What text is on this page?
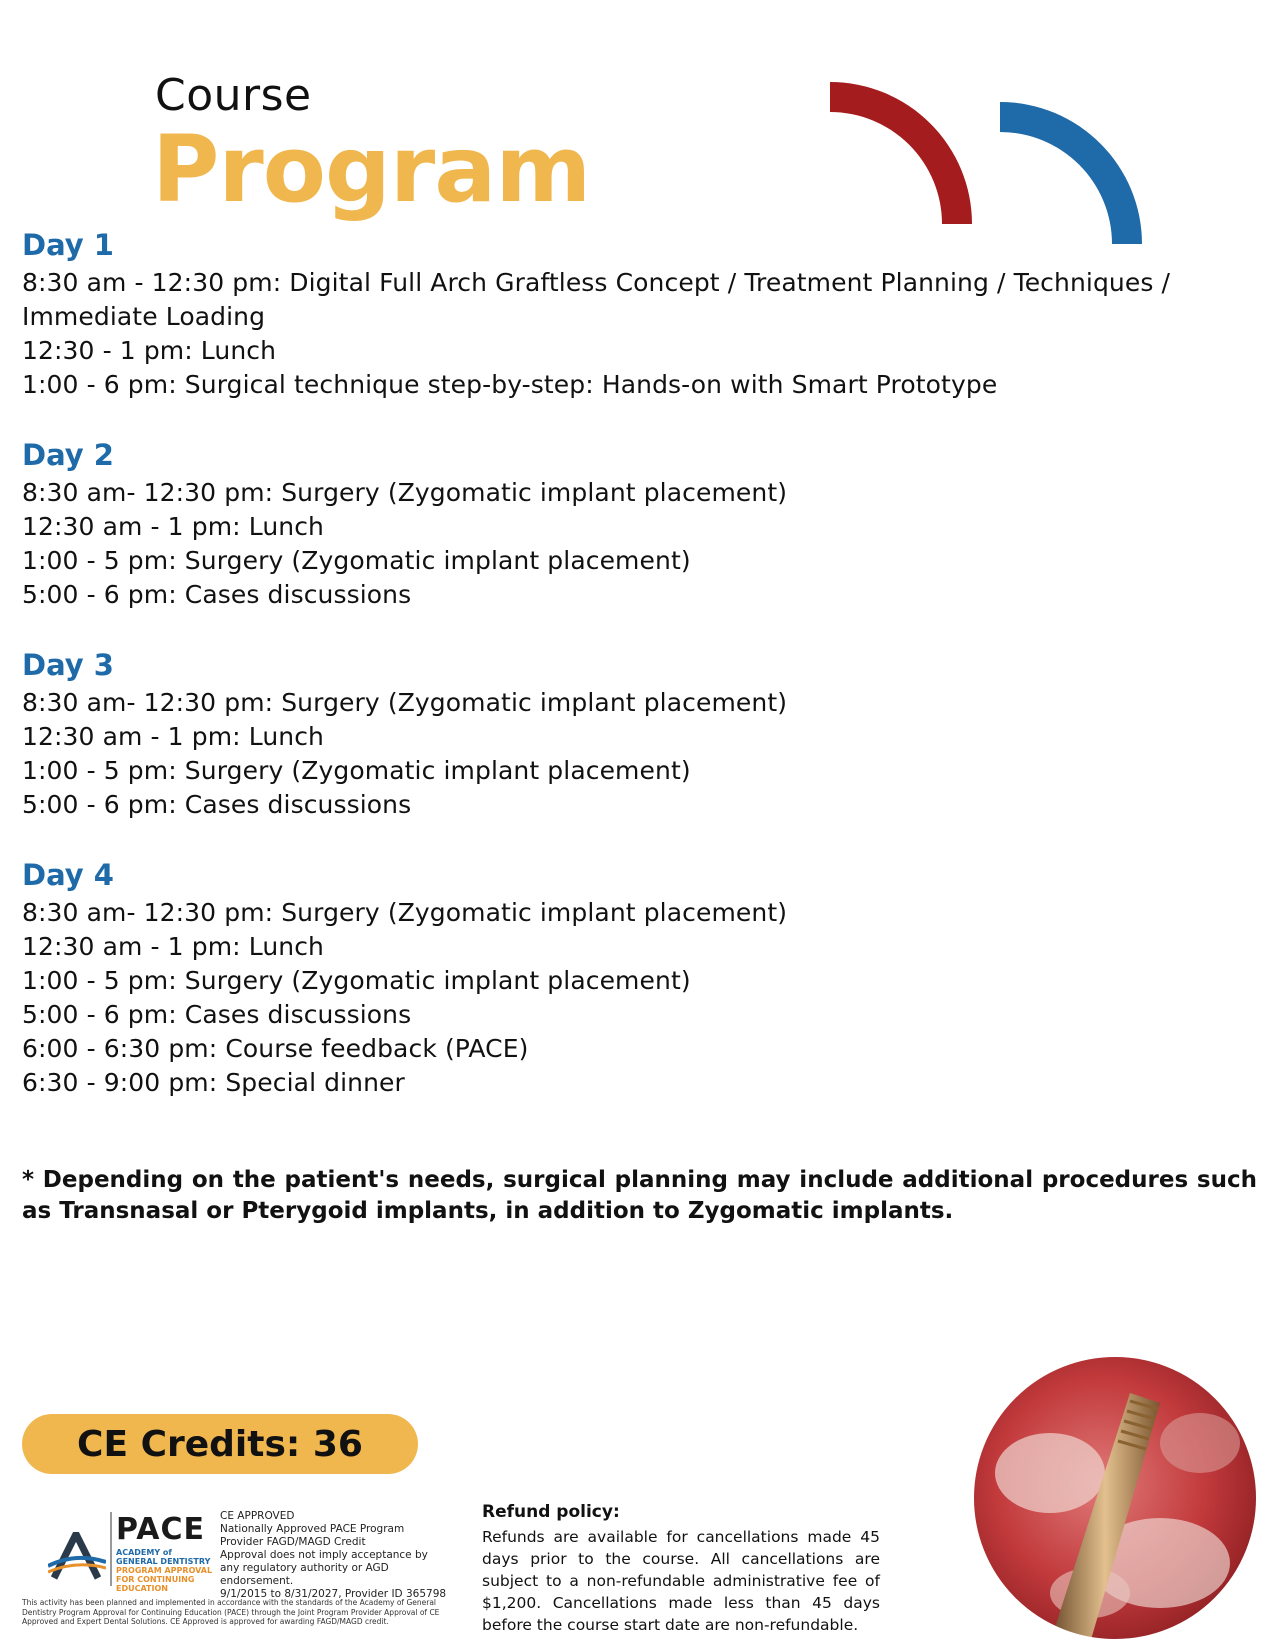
Course
Program
Day 1
8:30 am - 12:30 pm: Digital Full Arch Graftless Concept / Treatment Planning / Techniques /
Immediate Loading
12:30 - 1 pm: Lunch
1:00 - 6 pm: Surgical technique step-by-step: Hands-on with Smart Prototype
Day 2
8:30 am- 12:30 pm: Surgery (Zygomatic implant placement)
12:30 am - 1 pm: Lunch
1:00 - 5 pm: Surgery (Zygomatic implant placement)
5:00 - 6 pm: Cases discussions
Day 3
8:30 am- 12:30 pm: Surgery (Zygomatic implant placement)
12:30 am - 1 pm: Lunch
1:00 - 5 pm: Surgery (Zygomatic implant placement)
5:00 - 6 pm: Cases discussions
Day 4
8:30 am- 12:30 pm: Surgery (Zygomatic implant placement)
12:30 am - 1 pm: Lunch
1:00 - 5 pm: Surgery (Zygomatic implant placement)
5:00 - 6 pm: Cases discussions
6:00 - 6:30 pm: Course feedback (PACE)
6:30 - 9:00 pm: Special dinner
* Depending on the patient's needs, surgical planning may include additional procedures such as Transnasal or Pterygoid implants, in addition to Zygomatic implants.
CE Credits: 36
PACE
ACADEMY of
GENERAL DENTISTRY
PROGRAM APPROVAL
FOR CONTINUING
EDUCATION
CE APPROVED
Nationally Approved PACE Program
Provider FAGD/MAGD Credit
Approval does not imply acceptance by
any regulatory authority or AGD endorsement.
9/1/2015 to 8/31/2027, Provider ID 365798
This activity has been planned and implemented in accordance with the standards of the Academy of General Dentistry Program Approval for Continuing Education (PACE) through the Joint Program Provider Approval of CE Approved and Expert Dental Solutions. CE Approved is approved for awarding FAGD/MAGD credit.
Refund policy:
Refunds are available for cancellations made 45 days prior to the course. All cancellations are subject to a non-refundable administrative fee of $1,200. Cancellations made less than 45 days before the course start date are non-refundable.
